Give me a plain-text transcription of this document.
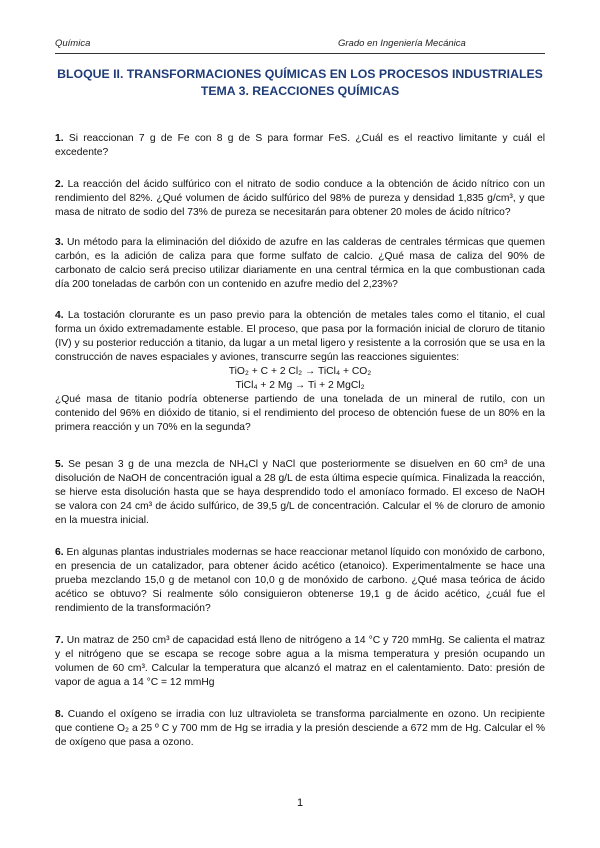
Química	Grado en Ingeniería Mecánica
BLOQUE II. TRANSFORMACIONES QUÍMICAS EN LOS PROCESOS INDUSTRIALES
TEMA 3. REACCIONES QUÍMICAS

1. Si reaccionan 7 g de Fe con 8 g de S para formar FeS. ¿Cuál es el reactivo limitante y cuál el excedente?

2. La reacción del ácido sulfúrico con el nitrato de sodio conduce a la obtención de ácido nítrico con un rendimiento del 82%. ¿Qué volumen de ácido sulfúrico del 98% de pureza y densidad 1,835 g/cm³, y que masa de nitrato de sodio del 73% de pureza se necesitarán para obtener 20 moles de ácido nítrico?

3. Un método para la eliminación del dióxido de azufre en las calderas de centrales térmicas que quemen carbón, es la adición de caliza para que forme sulfato de calcio. ¿Qué masa de caliza del 90% de carbonato de calcio será preciso utilizar diariamente en una central térmica en la que combustionan cada día 200 toneladas de carbón con un contenido en azufre medio del 2,23%?

4. La tostación clorurante es un paso previo para la obtención de metales tales como el titanio, el cual forma un óxido extremadamente estable. El proceso, que pasa por la formación inicial de cloruro de titanio (IV) y su posterior reducción a titanio, da lugar a un metal ligero y resistente a la corrosión que se usa en la construcción de naves espaciales y aviones, transcurre según las reacciones siguientes:

TiO₂ + C + 2 Cl₂ → TiCl₄ + CO₂

TiCl₄ + 2 Mg → Ti + 2 MgCl₂

¿Qué masa de titanio podría obtenerse partiendo de una tonelada de un mineral de rutilo, con un contenido del 96% en dióxido de titanio, si el rendimiento del proceso de obtención fuese de un 80% en la primera reacción y un 70% en la segunda?

5. Se pesan 3 g de una mezcla de NH₄Cl y NaCl que posteriormente se disuelven en 60 cm³ de una disolución de NaOH de concentración igual a 28 g/L de esta última especie química. Finalizada la reacción, se hierve esta disolución hasta que se haya desprendido todo el amoníaco formado. El exceso de NaOH se valora con 24 cm³ de ácido sulfúrico, de 39,5 g/L de concentración. Calcular el % de cloruro de amonio en la muestra inicial.

6. En algunas plantas industriales modernas se hace reaccionar metanol líquido con monóxido de carbono, en presencia de un catalizador, para obtener ácido acético (etanoico). Experimentalmente se hace una prueba mezclando 15,0 g de metanol con 10,0 g de monóxido de carbono. ¿Qué masa teórica de ácido acético se obtuvo? Si realmente sólo consiguieron obtenerse 19,1 g de ácido acético, ¿cuál fue el rendimiento de la transformación?

7. Un matraz de 250 cm³ de capacidad está lleno de nitrógeno a 14 °C y 720 mmHg. Se calienta el matraz y el nitrógeno que se escapa se recoge sobre agua a la misma temperatura y presión ocupando un volumen de 60 cm³. Calcular la temperatura que alcanzó el matraz en el calentamiento. Dato: presión de vapor de agua a 14 °C = 12 mmHg

8. Cuando el oxígeno se irradia con luz ultravioleta se transforma parcialmente en ozono. Un recipiente que contiene O₂ a 25 º C y 700 mm de Hg se irradia y la presión desciende a 672 mm de Hg. Calcular el % de oxígeno que pasa a ozono.

1
